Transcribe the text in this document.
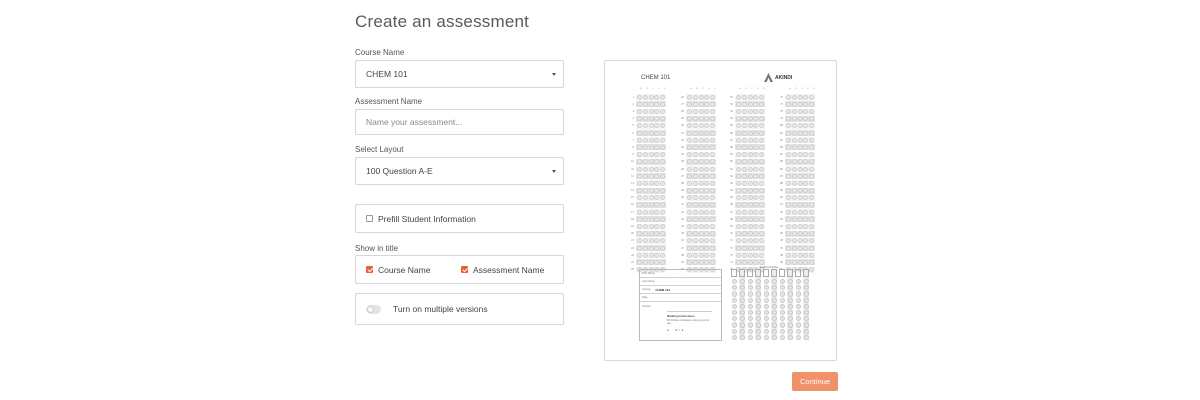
Create an assessment
Course Name
CHEM 101
Assessment Name
Name your assessment...
Select Layout
100 Question A-E
Prefill Student Information
Show in title
Course Name	Assessment Name
Turn on multiple versions
CHEM 101	AKINDI
A	B	C	D	E
1
2
3
4
5
6
7
8
9
10
11
12
13
14
15
16
17
18
19
20
21
22
23
24
25
A	B	C	D	E
26
27
28
29
30
31
32
33
34
35
36
37
38
39
40
41
42
43
44
45
46
47
48
49
50
A	B	C	D	E
51
52
53
54
55
56
57
58
59
60
61
62
63
64
65
66
67
68
69
70
71
72
73
74
75
A	B	C	D	E
76
77
78
79
80
81
82
83
84
85
86
87
88
89
90
91
92
93
94
95
96
97
98
99
100
First Name
Last Name
Course CHEM 101
Date
Version
Marking Instructions
Fill bubbles completely using a pencil or pen.
● ⊘ ✓ ●
Student Number
Continue
